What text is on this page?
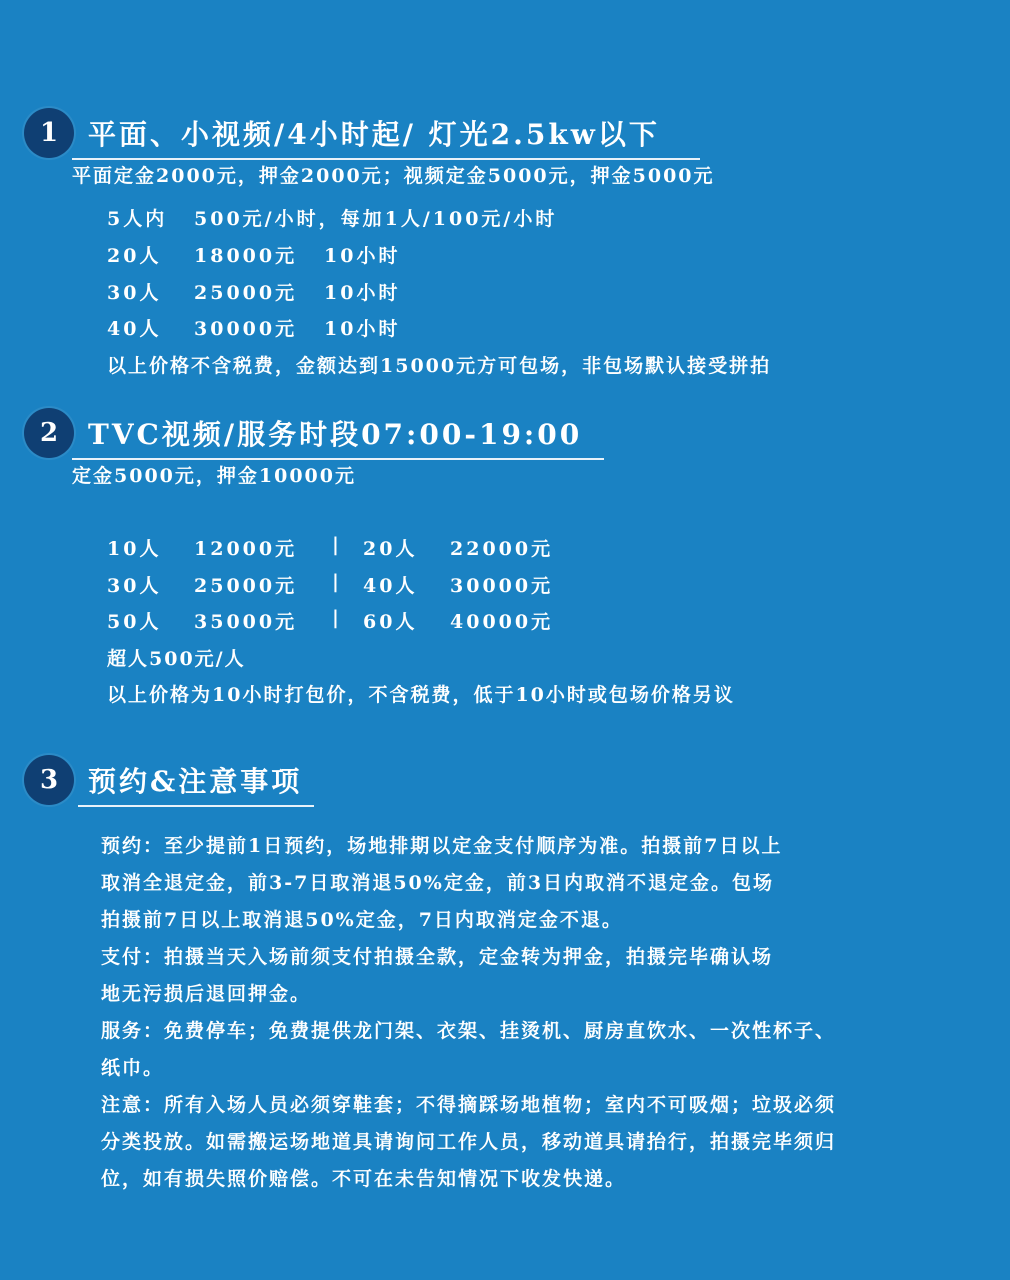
1	平面、小视频/4小时起/ 灯光2.5kw以下
平面定金2000元，押金2000元；视频定金5000元，押金5000元
5人内	500元/小时，每加1人/100元/小时
20人	18000元	10小时
30人	25000元	10小时
40人	30000元	10小时
以上价格不含税费，金额达到15000元方可包场，非包场默认接受拼拍
2	TVC视频/服务时段07:00-19:00
定金5000元，押金10000元
10人	12000元	|	20人	22000元
30人	25000元	|	40人	30000元
50人	35000元	|	60人	40000元
超人500元/人
以上价格为10小时打包价，不含税费，低于10小时或包场价格另议
3	预约&注意事项

预约：至少提前1日预约，场地排期以定金支付顺序为准。拍摄前7日以上

取消全退定金，前3-7日取消退50%定金，前3日内取消不退定金。包场

拍摄前7日以上取消退50%定金，7日内取消定金不退。

支付：拍摄当天入场前须支付拍摄全款，定金转为押金，拍摄完毕确认场

地无污损后退回押金。

服务：免费停车；免费提供龙门架、衣架、挂烫机、厨房直饮水、一次性杯子、

纸巾。

注意：所有入场人员必须穿鞋套；不得摘踩场地植物；室内不可吸烟；垃圾必须

分类投放。如需搬运场地道具请询问工作人员，移动道具请抬行，拍摄完毕须归

位，如有损失照价赔偿。不可在未告知情况下收发快递。
